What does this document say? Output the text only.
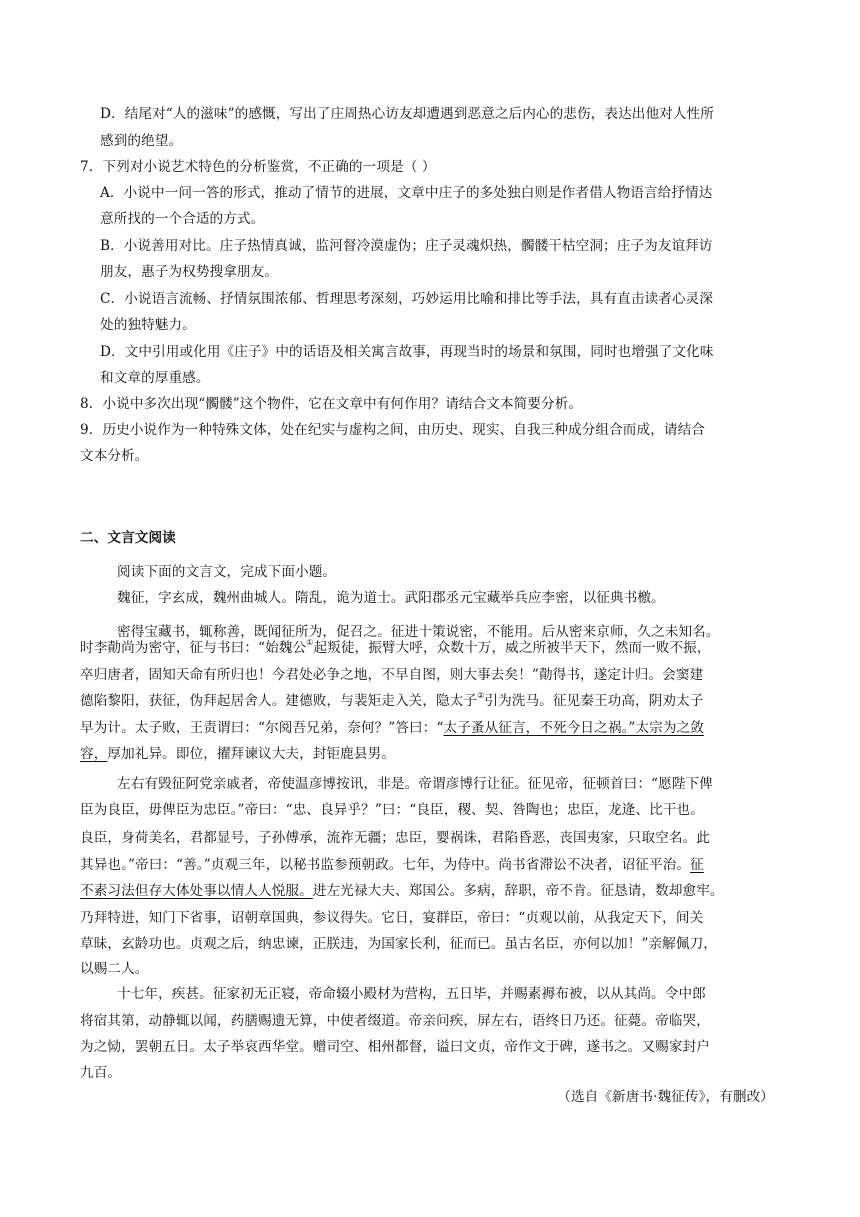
D．结尾对“人的滋味”的感慨，写出了庄周热心访友却遭遇到恶意之后内心的悲伤，表达出他对人性所
感到的绝望。
7．下列对小说艺术特色的分析鉴赏，不正确的一项是（ ）
A．小说中一问一答的形式，推动了情节的进展，文章中庄子的多处独白则是作者借人物语言给抒情达
意所找的一个合适的方式。
B．小说善用对比。庄子热情真诚，监河督冷漠虚伪；庄子灵魂炽热，髑髅干枯空洞；庄子为友谊拜访
朋友，惠子为权势搜拿朋友。
C．小说语言流畅、抒情氛围浓郁、哲理思考深刻，巧妙运用比喻和排比等手法，具有直击读者心灵深
处的独特魅力。
D．文中引用或化用《庄子》中的话语及相关寓言故事，再现当时的场景和氛围，同时也增强了文化味
和文章的厚重感。
8．小说中多次出现“髑髅”这个物件，它在文章中有何作用？请结合文本简要分析。
9．历史小说作为一种特殊文体，处在纪实与虚构之间，由历史、现实、自我三种成分组合而成，请结合
文本分析。
二、文言文阅读
阅读下面的文言文，完成下面小题。
魏征，字玄成，魏州曲城人。隋乱，诡为道士。武阳郡丞元宝藏举兵应李密，以征典书檄。
密得宝藏书，辄称善，既闻征所为，促召之。征进十策说密，不能用。后从密来京师，久之未知名。
时李勣尚为密守，征与书曰：“始魏公①起叛徒，振臂大呼，众数十万，威之所被半天下，然而一败不振，
卒归唐者，固知天命有所归也！今君处必争之地，不早自图，则大事去矣！”勣得书，遂定计归。会窦建
德陷黎阳，获征，伪拜起居舍人。建德败，与裴矩走入关，隐太子②引为洗马。征见秦王功高，阴劝太子
早为计。太子败，王责谓曰：“尔阅吾兄弟，奈何？”答曰：“太子蚤从征言，不死今日之祸。”太宗为之敛
容，厚加礼异。即位，擢拜谏议大夫，封钜鹿县男。
左右有毁征阿党亲戚者，帝使温彦博按讯，非是。帝谓彦博行让征。征见帝，征顿首曰：“愿陛下俾
臣为良臣，毋俾臣为忠臣。”帝曰：“忠、良异乎？”曰：“良臣，稷、契、咎陶也；忠臣，龙逄、比干也。
良臣，身荷美名，君都显号，子孙傅承，流祚无疆；忠臣，婴祸诛，君陷昏恶，丧国夷家，只取空名。此
其异也。”帝曰：“善。”贞观三年，以秘书监参预朝政。七年，为侍中。尚书省滞讼不决者，诏征平治。征
不素习法但存大体处事以情人人悦服。进左光禄大夫、郑国公。多病，辞职，帝不肯。征恳请，数却愈牢。
乃拜特进，知门下省事，诏朝章国典，参议得失。它日，宴群臣，帝曰：“贞观以前，从我定天下，间关
草昧，玄龄功也。贞观之后，纳忠谏，正朕违，为国家长利，征而已。虽古名臣，亦何以加！”亲解佩刀，
以赐二人。
十七年，疾甚。征家初无正寝，帝命辍小殿材为营构，五日毕，并赐素褥布被，以从其尚。令中郎
将宿其第，动静辄以闻，药膳赐遗无算，中使者缀道。帝亲问疾，屏左右，语终日乃还。征薨。帝临哭，
为之恸，罢朝五日。太子举哀西华堂。赠司空、相州都督，谥曰文贞，帝作文于碑，遂书之。又赐家封户
九百。
（选自《新唐书·魏征传》，有删改）
